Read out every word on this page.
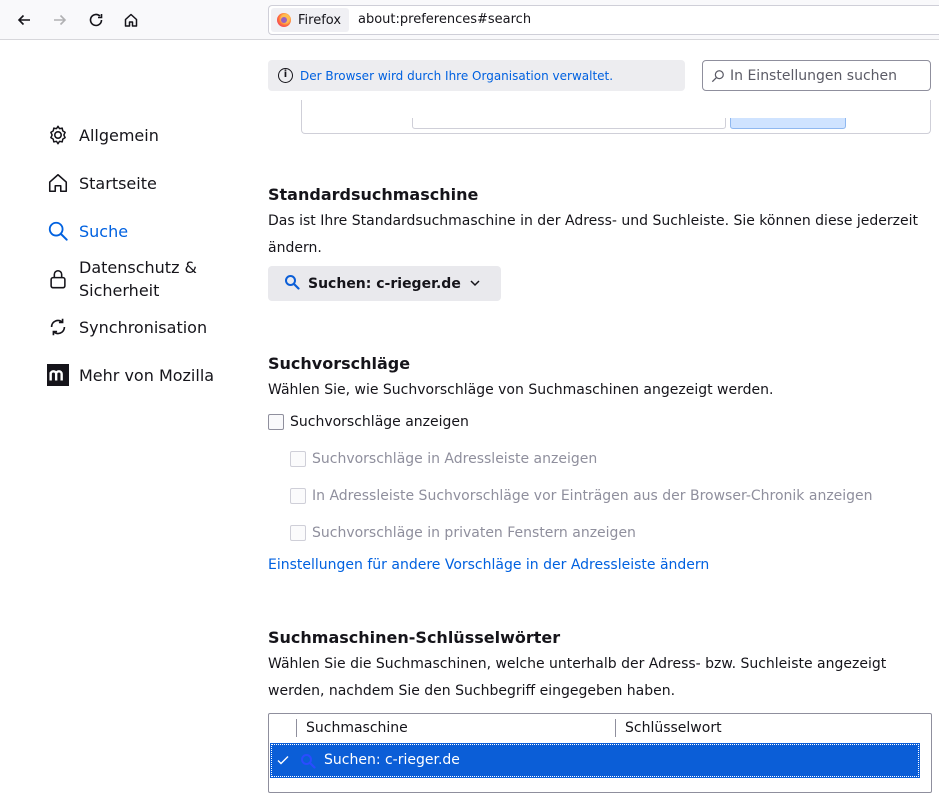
Firefox about:preferences#search
Allgemein
Startseite
Suche
Datenschutz &
Sicherheit
Synchronisation
Mehr von Mozilla
i	Der Browser wird durch Ihre Organisation verwaltet.	In Einstellungen suchen
Standardsuchmaschine
Das ist Ihre Standardsuchmaschine in der Adress- und Suchleiste. Sie können diese jederzeit ändern.
Suchen: c-rieger.de
Suchvorschläge
Wählen Sie, wie Suchvorschläge von Suchmaschinen angezeigt werden.
Suchvorschläge anzeigen
Suchvorschläge in Adressleiste anzeigen
In Adressleiste Suchvorschläge vor Einträgen aus der Browser-Chronik anzeigen
Suchvorschläge in privaten Fenstern anzeigen
Einstellungen für andere Vorschläge in der Adressleiste ändern
Suchmaschinen-Schlüsselwörter
Wählen Sie die Suchmaschinen, welche unterhalb der Adress- bzw. Suchleiste angezeigt werden, nachdem Sie den Suchbegriff eingegeben haben.
Suchmaschine	Schlüsselwort
Suchen: c-rieger.de
